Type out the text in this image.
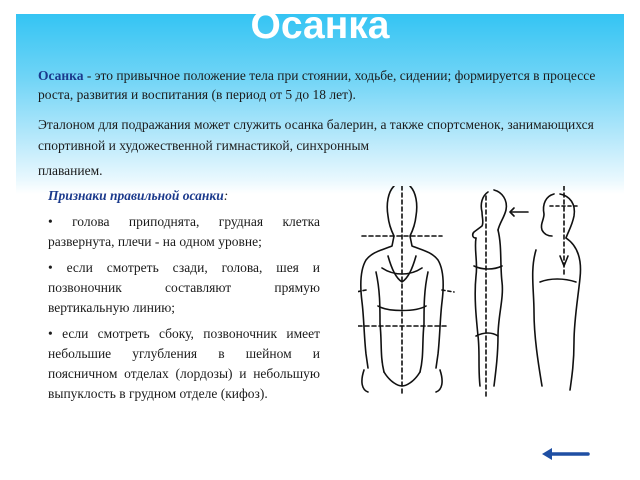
Осанка

Осанка - это привычное положение тела при стоянии, ходьбе, сидении; формируется в процессе роста, развития и воспитания (в период от 5 до 18 лет).

Эталоном для подражания может служить осанка балерин, а также спортсменок, занимающихся спортивной и художественной гимнастикой, синхронным
плаванием.

Признаки правильной осанки:

• голова приподнята, грудная клетка развернута, плечи - на одном уровне;

• если смотреть сзади, голова, шея и позвоночник составляют прямую вертикальную линию;

• если смотреть сбоку, позвоночник имеет небольшие углубления в шейном и поясничном отделах (лордозы) и небольшую выпуклость в грудном отделе (кифоз).
